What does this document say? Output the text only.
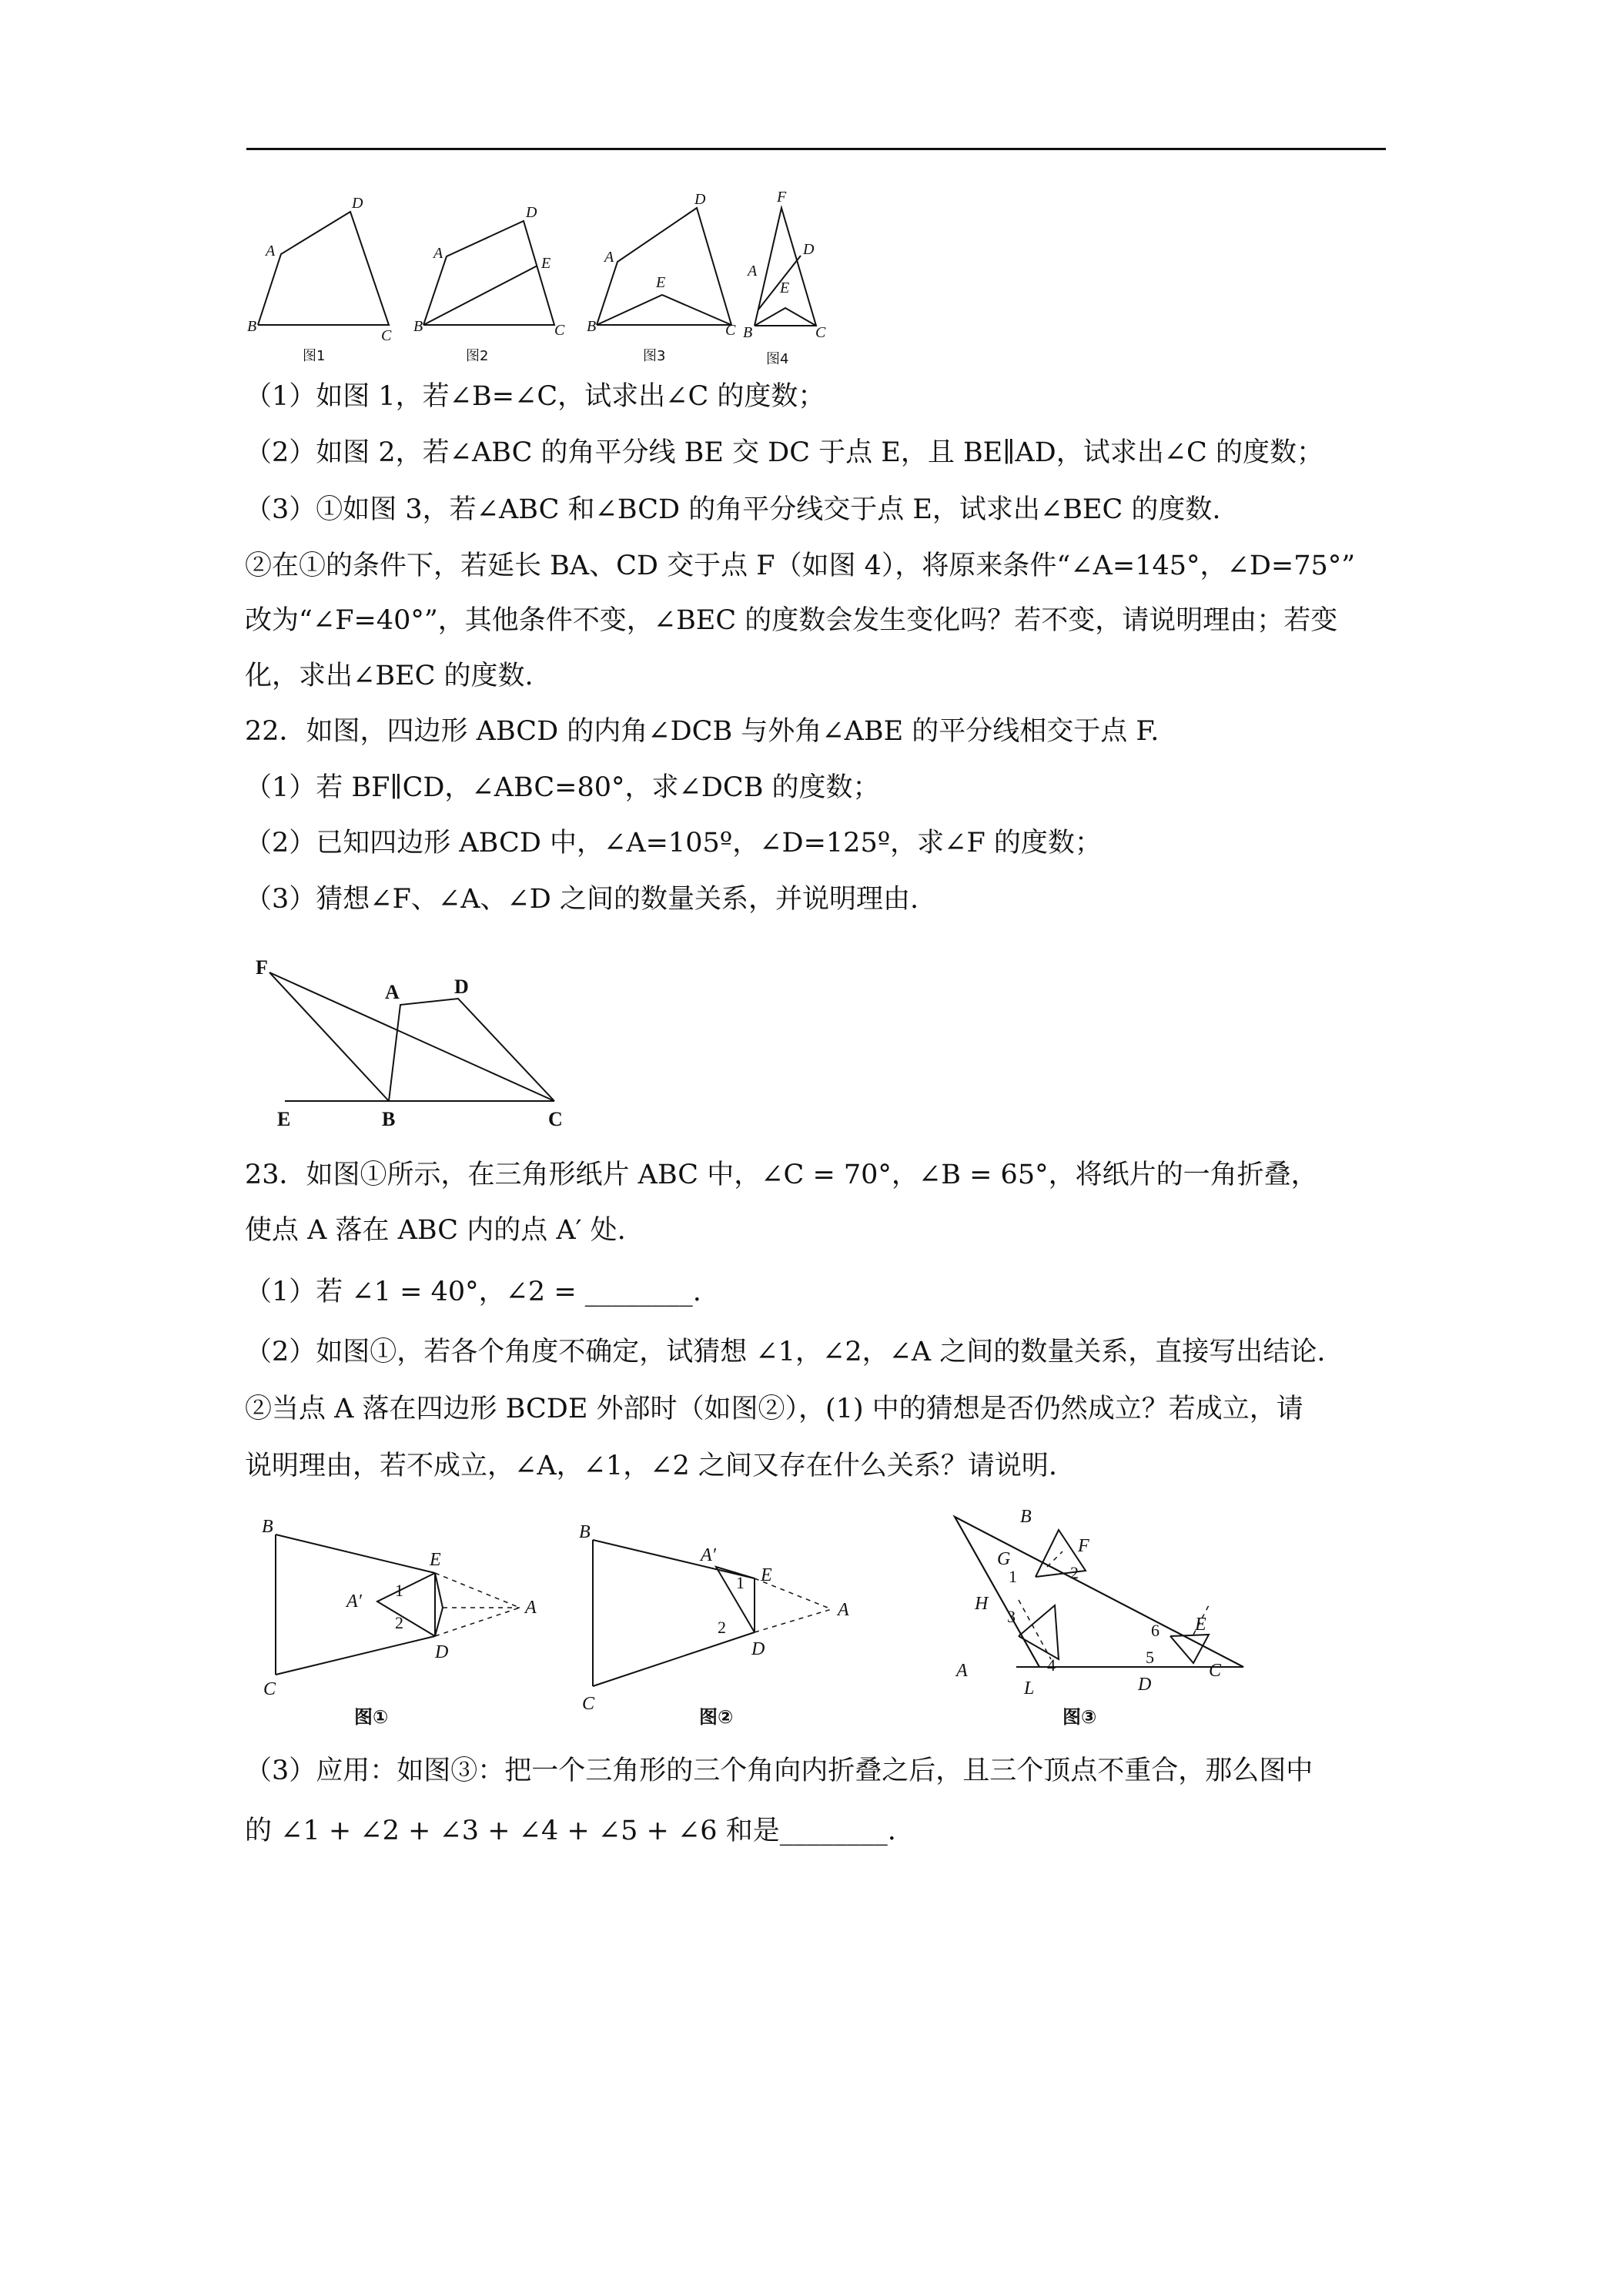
D
A
B
C
图1
D
A
E
B	C
图2
D
A
E
B	C
图3
F
D
A
E
B	C
图4
（1）如图 1，若∠B=∠C，试求出∠C 的度数；
（2）如图 2，若∠ABC 的角平分线 BE 交 DC 于点 E，且 BE∥AD，试求出∠C 的度数；
（3）①如图 3，若∠ABC 和∠BCD 的角平分线交于点 E，试求出∠BEC 的度数.
②在①的条件下，若延长 BA、CD 交于点 F（如图 4），将原来条件“∠A=145°，∠D=75°”
改为“∠F=40°”，其他条件不变，∠BEC 的度数会发生变化吗？若不变，请说明理由；若变
化，求出∠BEC 的度数.
22．如图，四边形 ABCD 的内角∠DCB 与外角∠ABE 的平分线相交于点 F.
（1）若 BF∥CD，∠ABC=80°，求∠DCB 的度数；
（2）已知四边形 ABCD 中，∠A=105º，∠D=125º，求∠F 的度数；
（3）猜想∠F、∠A、∠D 之间的数量关系，并说明理由.
F
A	D
E	B	C
23．如图①所示，在三角形纸片 ABC 中，∠C = 70°，∠B = 65°，将纸片的一角折叠，
使点 A 落在 ABC 内的点 A′ 处.
（1）若 ∠1 = 40°，∠2 = ________.
（2）如图①，若各个角度不确定，试猜想 ∠1，∠2，∠A 之间的数量关系，直接写出结论.
②当点 A 落在四边形 BCDE 外部时（如图②），(1) 中的猜想是否仍然成立？若成立，请
说明理由，若不成立，∠A，∠1，∠2 之间又存在什么关系？请说明.
B
E
A′	A
D
C
1
2
图①
B
A′
E
A
D
C
1
2
图②
B
F
G
H
A
L	D
C
E
1	2
3
4	5
6
图③
（3）应用：如图③：把一个三角形的三个角向内折叠之后，且三个顶点不重合，那么图中
的 ∠1 + ∠2 + ∠3 + ∠4 + ∠5 + ∠6 和是________.
